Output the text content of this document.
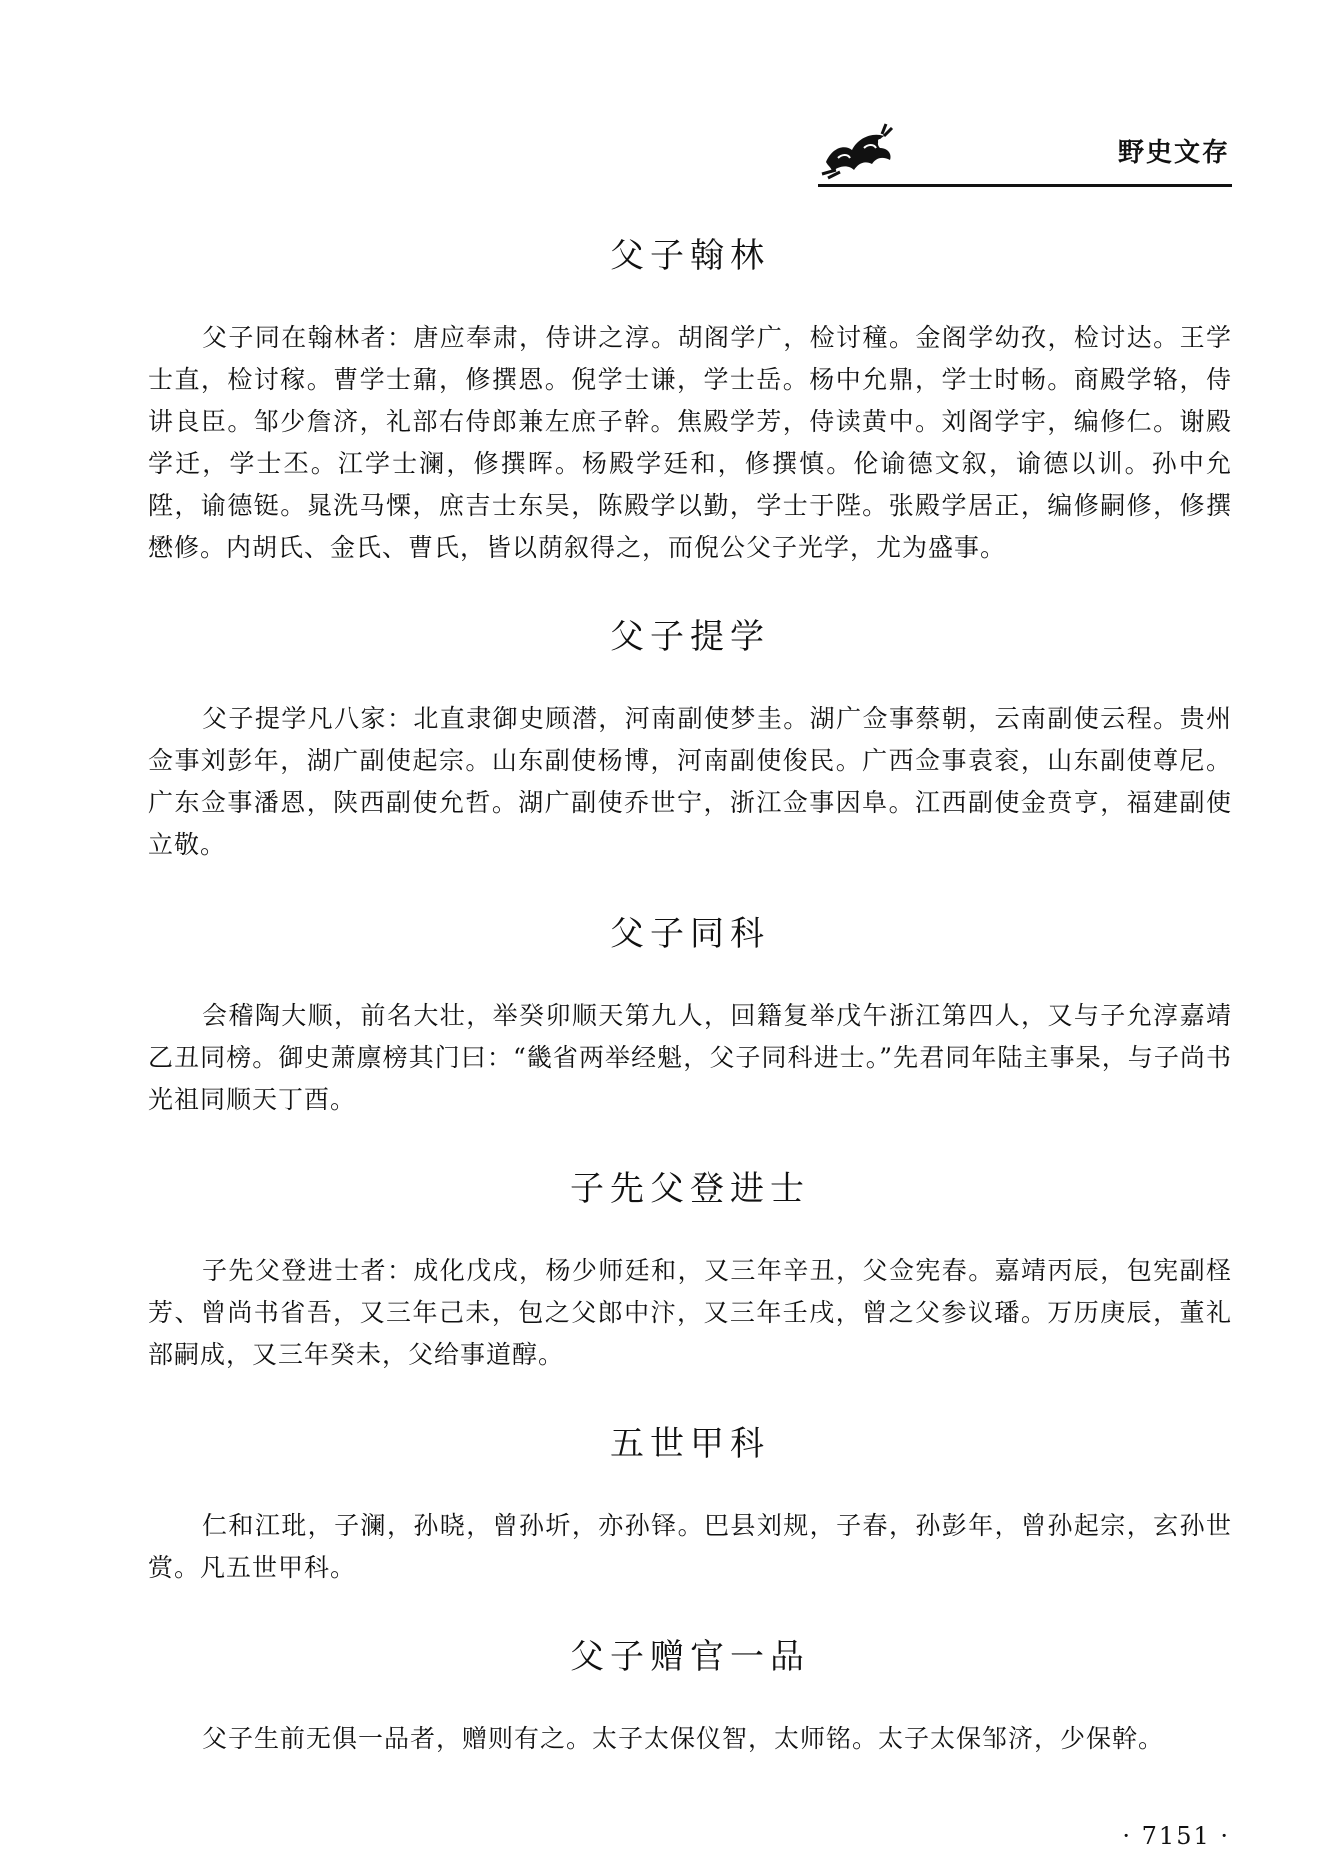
野史文存
父子翰林

父子同在翰林者：唐应奉肃，侍讲之淳。胡阁学广，检讨穜。金阁学幼孜，检讨达。王学士直，检讨稼。曹学士鼐，修撰恩。倪学士谦，学士岳。杨中允鼎，学士时畅。商殿学辂，侍讲良臣。邹少詹济，礼部右侍郎兼左庶子幹。焦殿学芳，侍读黄中。刘阁学宇，编修仁。谢殿学迁，学士丕。江学士澜，修撰晖。杨殿学廷和，修撰慎。伦谕德文叙，谕德以训。孙中允陞，谕德铤。晁洗马慄，庶吉士东吴，陈殿学以勤，学士于陛。张殿学居正，编修嗣修，修撰懋修。内胡氏、金氏、曹氏，皆以荫叙得之，而倪公父子光学，尤为盛事。

父子提学

父子提学凡八家：北直隶御史顾潜，河南副使梦圭。湖广佥事蔡朝，云南副使云程。贵州佥事刘彭年，湖广副使起宗。山东副使杨博，河南副使俊民。广西佥事袁衮，山东副使尊尼。广东佥事潘恩，陕西副使允哲。湖广副使乔世宁，浙江佥事因阜。江西副使金贲亨，福建副使立敬。

父子同科

会稽陶大顺，前名大壮，举癸卯顺天第九人，回籍复举戊午浙江第四人，又与子允淳嘉靖乙丑同榜。御史萧廪榜其门曰：“畿省两举经魁，父子同科进士。”先君同年陆主事杲，与子尚书光祖同顺天丁酉。

子先父登进士

子先父登进士者：成化戊戌，杨少师廷和，又三年辛丑，父佥宪春。嘉靖丙辰，包宪副柽芳、曾尚书省吾，又三年己未，包之父郎中汴，又三年壬戌，曾之父参议璠。万历庚辰，董礼部嗣成，又三年癸未，父给事道醇。

五世甲科

仁和江玭，子澜，孙晓，曾孙圻，亦孙铎。巴县刘规，子春，孙彭年，曾孙起宗，玄孙世赏。凡五世甲科。

父子赠官一品

父子生前无俱一品者，赠则有之。太子太保仪智，太师铭。太子太保邹济，少保幹。

· 7151 ·
